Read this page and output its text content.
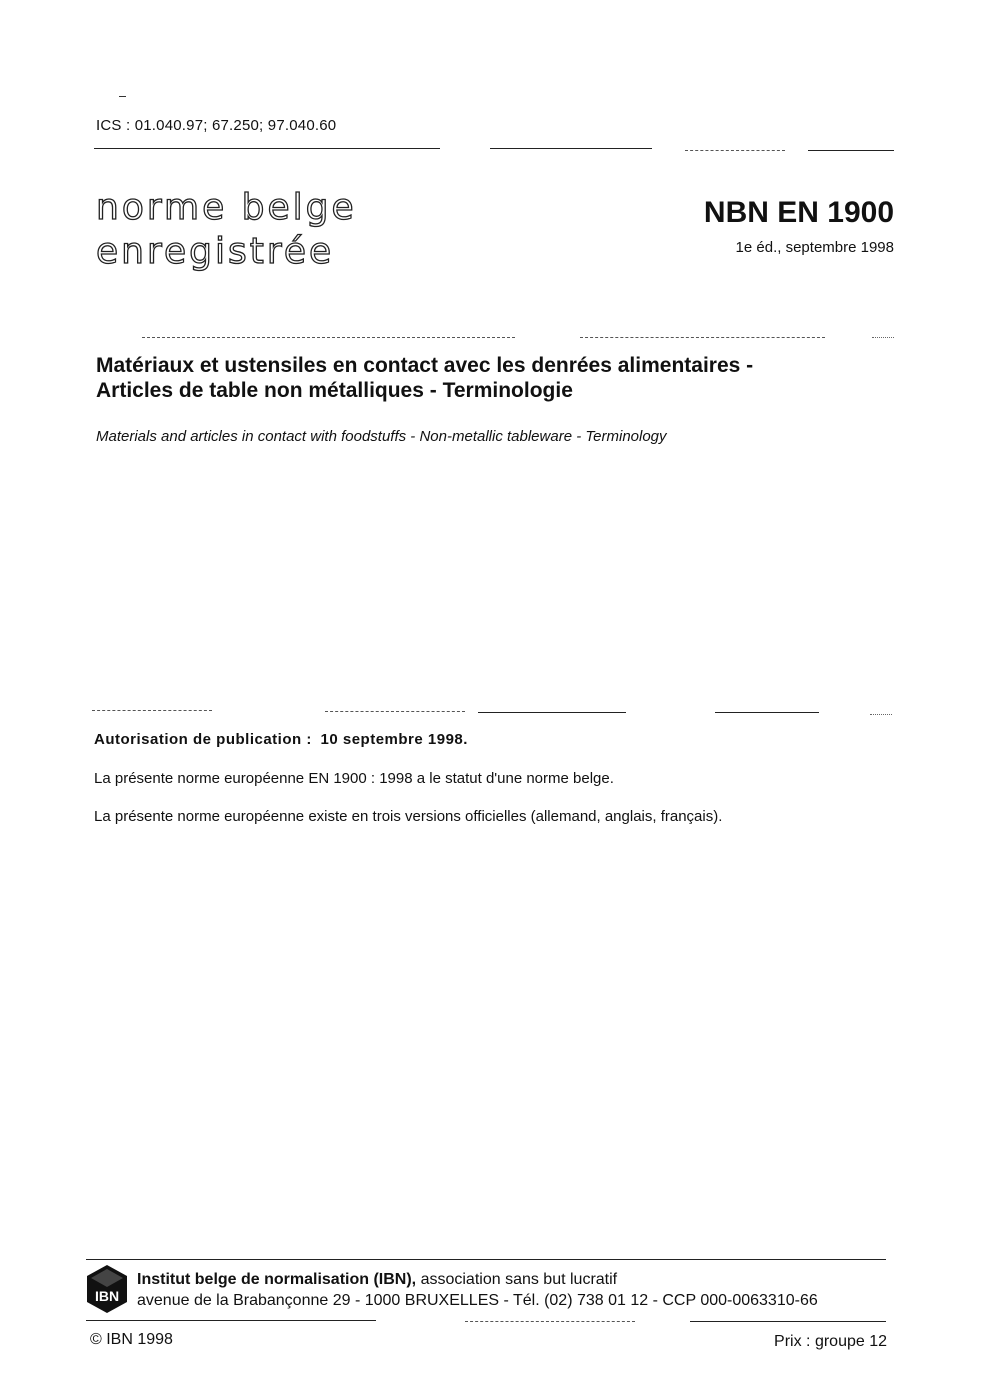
ICS : 01.040.97; 67.250; 97.040.60
norme belge
enregistrée
NBN EN 1900
1e éd., septembre 1998
Matériaux et ustensiles en contact avec les denrées alimentaires -
Articles de table non métalliques - Terminologie
Materials and articles in contact with foodstuffs - Non-metallic tableware - Terminology
Autorisation de publication : 10 septembre 1998.
La présente norme européenne EN 1900 : 1998 a le statut d'une norme belge.
La présente norme européenne existe en trois versions officielles (allemand, anglais, français).
IBN
Institut belge de normalisation (IBN), association sans but lucratif
avenue de la Brabançonne 29 - 1000 BRUXELLES - Tél. (02) 738 01 12 - CCP 000-0063310-66
© IBN 1998	Prix : groupe 12
